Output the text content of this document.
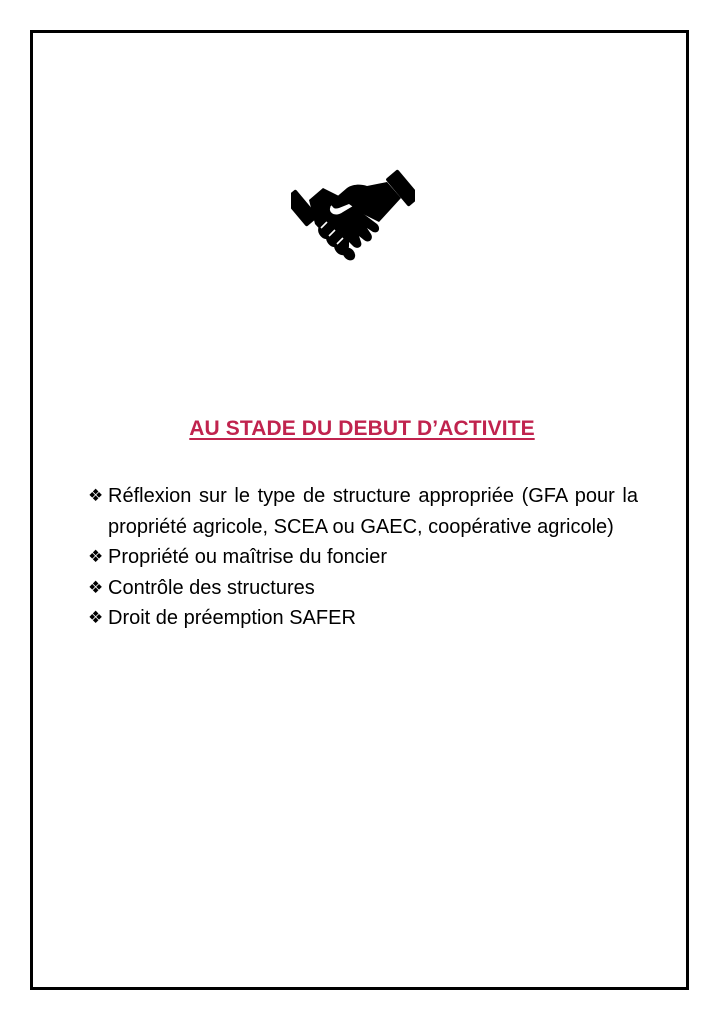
AU STADE DU DEBUT D’ACTIVITE
❖ Réflexion sur le type de structure appropriée (GFA pour la propriété agricole, SCEA ou GAEC, coopérative agricole)
❖ Propriété ou maîtrise du foncier
❖ Contrôle des structures
❖ Droit de préemption SAFER
